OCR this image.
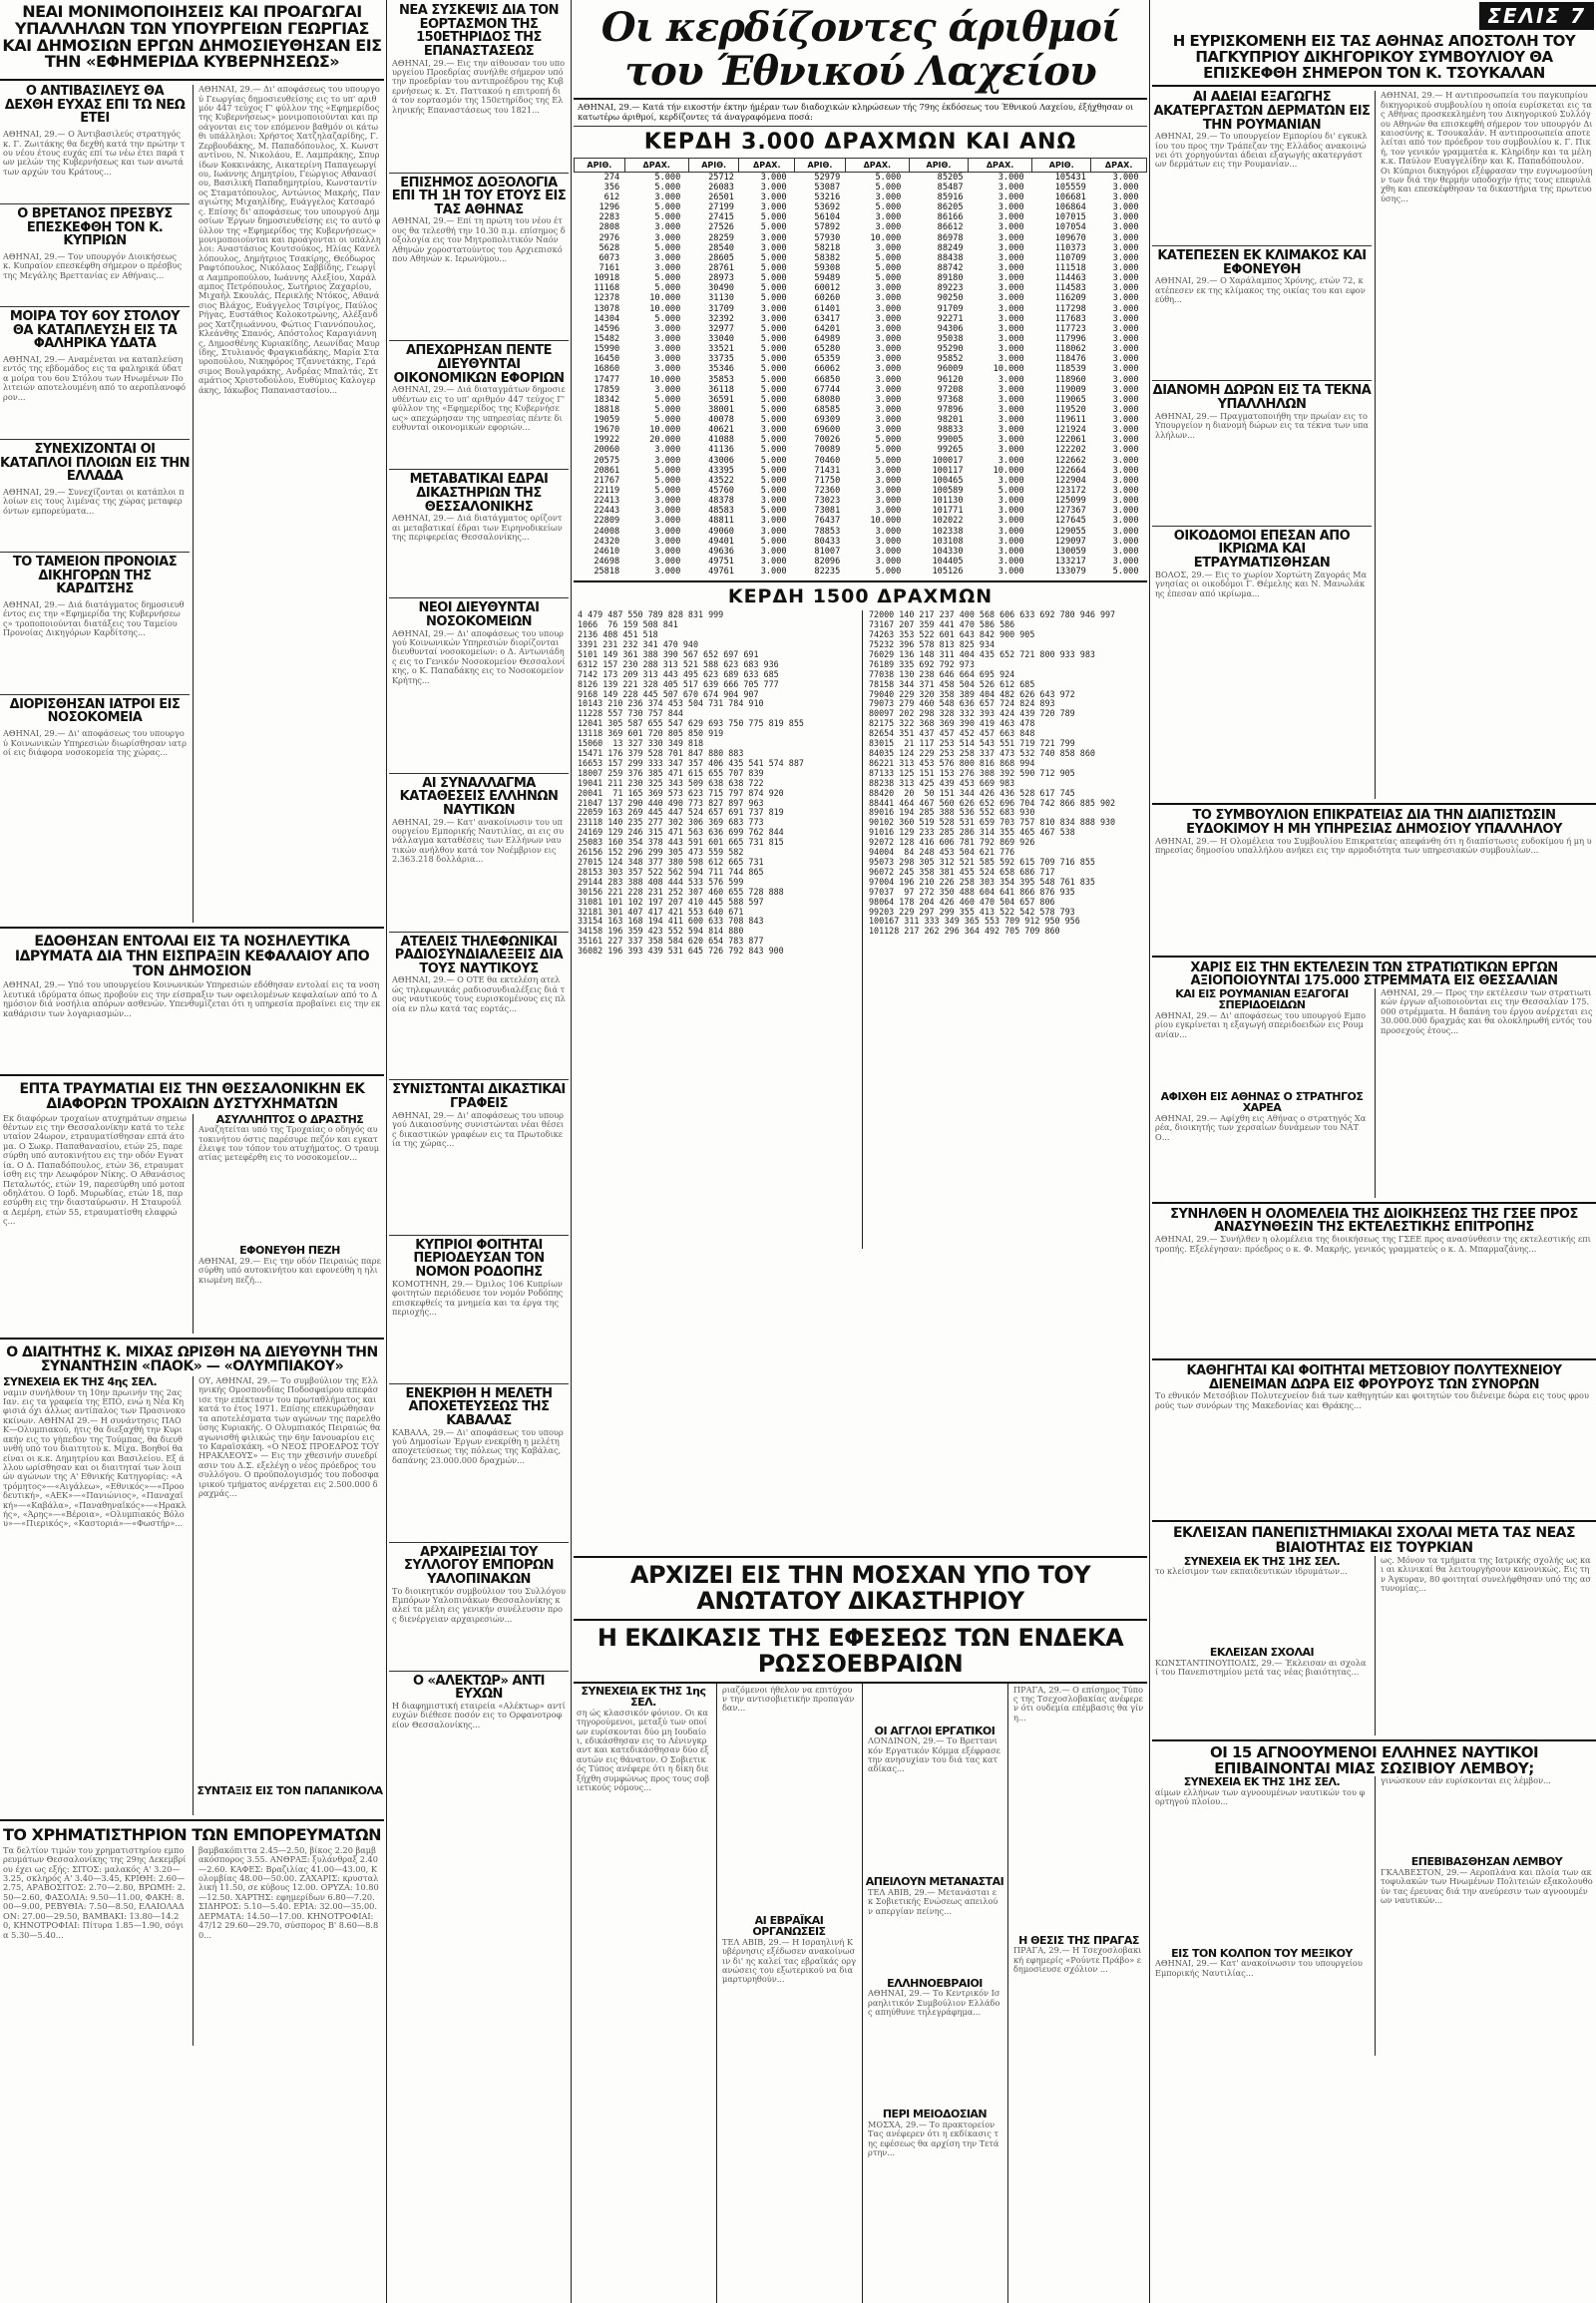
ΝΕΑΙ ΜΟΝΙΜΟΠΟΙΗΣΕΙΣ ΚΑΙ ΠΡΟΑΓΩΓΑΙ ΥΠΑΛΛΗΛΩΝ ΤΩΝ ΥΠΟΥΡΓΕΙΩΝ ΓΕΩΡΓΙΑΣ ΚΑΙ ΔΗΜΟΣΙΩΝ ΕΡΓΩΝ ΔΗΜΟΣΙΕΥΘΗΣΑΝ ΕΙΣ ΤΗΝ «ΕΦΗΜΕΡΙΔΑ ΚΥΒΕΡΝΗΣΕΩΣ»
Ο ΑΝΤΙΒΑΣΙΛΕΥΣ ΘΑ ΔΕΧΘΗ ΕΥΧΑΣ ΕΠΙ ΤΩ ΝΕΩ ΕΤΕΙ
ΑΘΗΝΑΙ, 29.— Ο Άντιβασιλεύς στρατηγός κ. Γ. Ζωιτάκης θα δεχθή κατά την πρώτην του νέου έτους ευχάς επί τω νέω έτει παρά των μελών της Κυβερνήσεως και των ανωτάτων αρχών του Κράτους...
Ο ΒΡΕΤΑΝΟΣ ΠΡΕΣΒΥΣ ΕΠΕΣΚΕΦΘΗ ΤΟΝ Κ. ΚΥΠΡΙΩΝ
ΑΘΗΝΑΙ, 29.— Τον υπουργόν Διοικήσεως κ. Κυπραίον επεσκέφθη σήμερον ο πρέσβυς της Μεγάλης Βρεττανίας εν Αθήναις...
ΜΟΙΡΑ ΤΟΥ 6ΟΥ ΣΤΟΛΟΥ ΘΑ ΚΑΤΑΠΛΕΥΣΗ ΕΙΣ ΤΑ ΦΑΛΗΡΙΚΑ ΥΔΑΤΑ
ΑΘΗΝΑΙ, 29.— Αναμένεται να καταπλεύση εντός της εβδομάδος εις τα φαληρικά ύδατα μοίρα του 6ου Στόλου των Ηνωμένων Πολιτειών αποτελουμένη από το αεροπλανοφόρον...
ΣΥΝΕΧΙΖΟΝΤΑΙ ΟΙ ΚΑΤΑΠΛΟΙ ΠΛΟΙΩΝ ΕΙΣ ΤΗΝ ΕΛΛΑΔΑ
ΑΘΗΝΑΙ, 29.— Συνεχίζονται οι κατάπλοι πλοίων εις τους λιμένας της χώρας μεταφερόντων εμπορεύματα...
ΤΟ ΤΑΜΕΙΟΝ ΠΡΟΝΟΙΑΣ ΔΙΚΗΓΟΡΩΝ ΤΗΣ ΚΑΡΔΙΤΣΗΣ
ΑΘΗΝΑΙ, 29.— Διά διατάγματος δημοσιευθέντος εις την «Εφημερίδα της Κυβερνήσεως» τροποποιούνται διατάξεις του Ταμείου Προνοίας Δικηγόρων Καρδίτσης...
ΔΙΟΡΙΣΘΗΣΑΝ ΙΑΤΡΟΙ ΕΙΣ ΝΟΣΟΚΟΜΕΙΑ
ΑΘΗΝΑΙ, 29.— Δι' αποφάσεως του υπουργού Κοινωνικών Υπηρεσιών διωρίσθησαν ιατροί εις διάφορα νοσοκομεία της χώρας...
ΑΘΗΝΑΙ, 29.— Δι' αποφάσεως του υπουργού Γεωργίας δημοσιευθείσης εις το υπ' αριθμόν 447 τεύχος Γ' φύλλον της «Εφημερίδος της Κυβερνήσεως» μονιμοποιούνται και προάγονται εις τον επόμενον βαθμόν οι κάτωθι υπάλληλοι: Χρήστος Χατζηλαζαρίδης, Γ. Ζερβουδάκης, Μ. Παπαδόπουλος, Χ. Κωνσταντίνου, Ν. Νικολάου, Ε. Λαμπράκης, Σπυρίδων Κοκκινάκης, Αικατερίνη Παπαγεωργίου, Ιωάννης Δημητρίου, Γεώργιος Αθανασίου, Βασιλική Παπαδημητρίου, Κωνσταντίνος Σταματόπουλος, Αντώνιος Μακρής, Παναγιώτης Μιχαηλίδης, Ευάγγελος Κατσαρός. Επίσης δι' αποφάσεως του υπουργού Δημοσίων Έργων δημοσιευθείσης εις το αυτό φύλλον της «Εφημερίδος της Κυβερνήσεως» μονιμοποιούνται και προάγονται οι υπάλληλοι: Αναστάσιος Κουτσούκος, Ηλίας Κανελλόπουλος, Δημήτριος Τσακίρης, Θεόδωρος Ραφτόπουλος, Νικόλαος Σαββίδης, Γεωργία Λαμπροπούλου, Ιωάννης Αλεξίου, Χαράλαμπος Πετρόπουλος, Σωτήριος Ζαχαρίου, Μιχαήλ Σκουλάς, Περικλής Ντόκος, Αθανάσιος Βλάχος, Ευάγγελος Τσιρίγος, Παύλος Ρήγας, Ευστάθιος Κολοκοτρώνης, Αλέξανδρος Χατζηιωάννου, Φώτιος Γιαννόπουλος, Κλεάνθης Σπανός, Απόστολος Καραγιάννης, Δημοσθένης Κυριακίδης, Λεωνίδας Μαυρίδης, Στυλιανός Φραγκιαδάκης, Μαρία Σταυροπούλου, Νικηφόρος Τζαννετάκης, Γεράσιμος Βουλγαράκης, Ανδρέας Μπαλτάς, Σταμάτιος Χριστοδούλου, Ευθύμιος Καλογεράκης, Ιάκωβος Παπαναστασίου...
ΕΔΟΘΗΣΑΝ ΕΝΤΟΛΑΙ ΕΙΣ ΤΑ ΝΟΣΗΛΕΥΤΙΚΑ ΙΔΡΥΜΑΤΑ ΔΙΑ ΤΗΝ ΕΙΣΠΡΑΞΙΝ ΚΕΦΑΛΑΙΟΥ ΑΠΟ ΤΟΝ ΔΗΜΟΣΙΟΝ
ΑΘΗΝΑΙ, 29.— Υπό του υπουργείου Κοινωνικών Υπηρεσιών εδόθησαν εντολαί εις τα νοσηλευτικά ιδρύματα όπως προβούν εις την είσπραξιν των οφειλομένων κεφαλαίων από το Δημόσιον διά νοσήλια απόρων ασθενών. Υπενθυμίζεται ότι η υπηρεσία προβαίνει εις την εκκαθάρισιν των λογαριασμών...
ΕΠΤΑ ΤΡΑΥΜΑΤΙΑΙ ΕΙΣ ΤΗΝ ΘΕΣΣΑΛΟΝΙΚΗΝ ΕΚ ΔΙΑΦΟΡΩΝ ΤΡΟΧΑΙΩΝ ΔΥΣΤΥΧΗΜΑΤΩΝ
Εκ διαφόρων τροχαίων ατυχημάτων σημειωθέντων εις την Θεσσαλονίκην κατά το τελευταίον 24ωρον, ετραυματίσθησαν επτά άτομα. Ο Σωκρ. Παπαθανασίου, ετών 25, παρεσύρθη υπό αυτοκινήτου εις την οδόν Εγνατία. Ο Δ. Παπαδόπουλος, ετών 36, ετραυματίσθη εις την Λεωφόρον Νίκης. Ο Αθανάσιος Πεταλωτός, ετών 19, παρεσύρθη υπό μοτοποδηλάτου. Ο Ιορδ. Μυρωδίας, ετών 18, παρεσύρθη εις την διασταύρωσιν. Η Σταυρούλα Δεμέρη, ετών 55, ετραυματίσθη ελαφρώς...
ΑΣΥΛΛΗΠΤΟΣ Ο ΔΡΑΣΤΗΣ
Αναζητείται υπό της Τροχαίας ο οδηγός αυτοκινήτου όστις παρέσυρε πεζόν και εγκατέλειψε τον τόπον του ατυχήματος. Ο τραυματίας μετεφέρθη εις το νοσοκομείον...
ΕΦΟΝΕΥΘΗ ΠΕΖΗ
ΑΘΗΝΑΙ, 29.— Εις την οδόν Πειραιώς παρεσύρθη υπό αυτοκινήτου και εφονεύθη η ηλικιωμένη πεζή...
Ο ΔΙΑΙΤΗΤΗΣ Κ. ΜΙΧΑΣ ΩΡΙΣΘΗ ΝΑ ΔΙΕΥΘΥΝΗ ΤΗΝ ΣΥΝΑΝΤΗΣΙΝ «ΠΑΟΚ» — «ΟΛΥΜΠΙΑΚΟΥ»
ΣΥΝΕΧΕΙΑ ΕΚ ΤΗΣ 4ης ΣΕΛ.
ναμιν συνήλθουν τη 10ην πρωινήν της 2ας Ιαν. εις τα γραφεία της ΕΠΟ, ενώ η Νέα Κηφισιά όχι άλλως αντίπαλος των Πρασινοκοκκίνων. ΑΘΗΝΑΙ 29.— Η συνάντησις ΠΑΟΚ—Ολυμπιακού, ήτις θα διεξαχθή την Κυριακήν εις το γήπεδον της Τούμπας, θα διευθυνθή υπό του διαιτητού κ. Μίχα. Βοηθοί θα είναι οι κ.κ. Δημητρίου και Βασιλείου. Εξ άλλου ωρίσθησαν και οι διαιτηταί των λοιπών αγώνων της Α' Εθνικής Κατηγορίας: «Ατρόμητος»—«Αιγάλεω», «Εθνικός»—«Προοδευτική», «ΑΕΚ»—«Πανιώνιος», «Παναχαϊκή»—«Καβάλα», «Παναθηναϊκός»—«Ηρακλής», «Άρης»—«Βέροια», «Ολυμπιακός Βόλου»—«Πιερικός», «Καστοριά»—«Φωστήρ»...
ΟΥ, ΑΘΗΝΑΙ, 29.— Το συμβούλιον της Ελληνικής Ομοσπονδίας Ποδοσφαίρου απεφάσισε την επέκτασιν του πρωταθλήματος και κατά το έτος 1971. Επίσης επεκυρώθησαν τα αποτελέσματα των αγώνων της παρελθούσης Κυριακής. Ο Ολυμπιακός Πειραιώς θα αγωνισθή φιλικώς την 6ην Ιανουαρίου εις το Καραϊσκάκη. «Ο ΝΕΟΣ ΠΡΟΕΔΡΟΣ ΤΟΥ ΗΡΑΚΛΕΟΥΣ» — Εις την χθεσινήν συνεδρίασιν του Δ.Σ. εξελέγη ο νέος πρόεδρος του συλλόγου. Ο προϋπολογισμός του ποδοσφαιρικού τμήματος ανέρχεται εις 2.500.000 δραχμάς...
ΣΥΝΤΑΞΙΣ ΕΙΣ ΤΟΝ ΠΑΠΑΝΙΚΟΛΑ
ΤΟ ΧΡΗΜΑΤΙΣΤΗΡΙΟΝ ΤΩΝ ΕΜΠΟΡΕΥΜΑΤΩΝ
Τα δελτίον τιμών του χρηματιστηρίου εμπορευμάτων Θεσσαλονίκης της 29ης Δεκεμβρίου έχει ως εξής: ΣΙΤΟΣ: μαλακός Α' 3.20—3.25, σκληρός Α' 3.40—3.45, ΚΡΙΘΗ: 2.60—2.75, ΑΡΑΒΟΣΙΤΟΣ: 2.70—2.80, ΒΡΩΜΗ: 2.50—2.60, ΦΑΣΟΛΙΑ: 9.50—11.00, ΦΑΚΗ: 8.00—9.00, ΡΕΒΥΘΙΑ: 7.50—8.50, ΕΛΑΙΟΛΑΔΟΝ: 27.00—29.50, ΒΑΜΒΑΚΙ: 13.80—14.20, ΚΗΝΟΤΡΟΦΙΑΙ: Πίτυρα 1.85—1.90, σόγια 5.30—5.40...
βαμβακόπιττα 2.45—2.50, βίκος 2.20 βαμβακόσπορος 3.55. ΑΝΘΡΑΞ: ξυλάνθραξ 2.40—2.60. ΚΑΦΕΣ: Βραζιλίας 41.00—43.00, Κολομβίας 48.00—50.00. ΖΑΧΑΡΙΣ: κρυσταλλική 11.50, σε κύβους 12.00. ΟΡΥΖΑ: 10.80—12.50. ΧΑΡΤΗΣ: εφημερίδων 6.80—7.20. ΣΙΔΗΡΟΣ: 5.10—5.40. ΕΡΙΑ: 32.00—35.00. ΔΕΡΜΑΤΑ: 14.50—17.00. ΚΗΝΟΤΡΟΦΙΑΙ: 47/12 29.60—29.70, σύσπορος Β' 8.60—8.80...
ΝΕΑ ΣΥΣΚΕΨΙΣ ΔΙΑ ΤΟΝ ΕΟΡΤΑΣΜΟΝ ΤΗΣ 150ΕΤΗΡΙΔΟΣ ΤΗΣ ΕΠΑΝΑΣΤΑΣΕΩΣ
ΑΘΗΝΑΙ, 29.— Εις την αίθουσαν του υπουργείου Προεδρίας συνήλθε σήμερον υπό την προεδρίαν του αντιπροέδρου της Κυβερνήσεως κ. Στ. Παττακού η επιτροπή διά τον εορτασμόν της 150ετηρίδος της Ελληνικής Επαναστάσεως του 1821...
ΕΠΙΣΗΜΟΣ ΔΟΞΟΛΟΓΙΑ ΕΠΙ ΤΗ 1Η ΤΟΥ ΕΤΟΥΣ ΕΙΣ ΤΑΣ ΑΘΗΝΑΣ
ΑΘΗΝΑΙ, 29.— Επί τη πρώτη του νέου έτους θα τελεσθή την 10.30 π.μ. επίσημος δοξολογία εις τον Μητροπολιτικόν Ναόν Αθηνών χοροστατούντος του Αρχιεπισκόπου Αθηνών κ. Ιερωνύμου...
ΑΠΕΧΩΡΗΣΑΝ ΠΕΝΤΕ ΔΙΕΥΘΥΝΤΑΙ ΟΙΚΟΝΟΜΙΚΩΝ ΕΦΟΡΙΩΝ
ΑΘΗΝΑΙ, 29.— Διά διαταγμάτων δημοσιευθέντων εις το υπ' αριθμόν 447 τεύχος Γ' φύλλον της «Εφημερίδος της Κυβερνήσεως» απεχώρησαν της υπηρεσίας πέντε διευθυνταί οικονομικών εφοριών...
ΜΕΤΑΒΑΤΙΚΑΙ ΕΔΡΑΙ ΔΙΚΑΣΤΗΡΙΩΝ ΤΗΣ ΘΕΣΣΑΛΟΝΙΚΗΣ
ΑΘΗΝΑΙ, 29.— Διά διατάγματος ορίζονται μεταβατικαί έδραι των Ειρηνοδικείων της περιφερείας Θεσσαλονίκης...
ΝΕΟΙ ΔΙΕΥΘΥΝΤΑΙ ΝΟΣΟΚΟΜΕΙΩΝ
ΑΘΗΝΑΙ, 29.— Δι' αποφάσεως του υπουργού Κοινωνικών Υπηρεσιών διορίζονται διευθυνταί νοσοκομείων: ο Δ. Αντωνιάδης εις το Γενικόν Νοσοκομείον Θεσσαλονίκης, ο Κ. Παπαδάκης εις το Νοσοκομείον Κρήτης...
ΑΙ ΣΥΝΑΛΛΑΓΜΑ ΚΑΤΑΘΕΣΕΙΣ ΕΛΛΗΝΩΝ ΝΑΥΤΙΚΩΝ
ΑΘΗΝΑΙ, 29.— Κατ' ανακοίνωσιν του υπουργείου Εμπορικής Ναυτιλίας, αι εις συνάλλαγμα καταθέσεις των Ελλήνων ναυτικών ανήλθον κατά τον Νοέμβριον εις 2.363.218 δολλάρια...
ΑΤΕΛΕΙΣ ΤΗΛΕΦΩΝΙΚΑΙ ΡΑΔΙΟΣΥΝΔΙΑΛΕΞΕΙΣ ΔΙΑ ΤΟΥΣ ΝΑΥΤΙΚΟΥΣ
ΑΘΗΝΑΙ, 29.— Ο ΟΤΕ θα εκτελέση ατελώς τηλεφωνικάς ραδιοσυνδιαλέξεις διά τους ναυτικούς τους ευρισκομένους εις πλοία εν πλω κατά τας εορτάς...
ΣΥΝΙΣΤΩΝΤΑΙ ΔΙΚΑΣΤΙΚΑΙ ΓΡΑΦΕΙΣ
ΑΘΗΝΑΙ, 29.— Δι' αποφάσεως του υπουργού Δικαιοσύνης συνιστώνται νέαι θέσεις δικαστικών γραφέων εις τα Πρωτοδικεία της χώρας...
ΚΥΠΡΙΟΙ ΦΟΙΤΗΤΑΙ ΠΕΡΙΟΔΕΥΣΑΝ ΤΟΝ ΝΟΜΟΝ ΡΟΔΟΠΗΣ
ΚΟΜΟΤΗΝΗ, 29.— Όμιλος 106 Κυπρίων φοιτητών περιόδευσε τον νομόν Ροδόπης επισκεφθείς τα μνημεία και τα έργα της περιοχής...
ΕΝΕΚΡΙΘΗ Η ΜΕΛΕΤΗ ΑΠΟΧΕΤΕΥΣΕΩΣ ΤΗΣ ΚΑΒΑΛΑΣ
ΚΑΒΑΛΑ, 29.— Δι' αποφάσεως του υπουργού Δημοσίων Έργων ενεκρίθη η μελέτη αποχετεύσεως της πόλεως της Καβάλας, δαπάνης 23.000.000 δραχμών...
ΑΡΧΑΙΡΕΣΙΑΙ ΤΟΥ ΣΥΛΛΟΓΟΥ ΕΜΠΟΡΩΝ ΥΑΛΟΠΙΝΑΚΩΝ
Το διοικητικόν συμβούλιον του Συλλόγου Εμπόρων Υαλοπινάκων Θεσσαλονίκης καλεί τα μέλη εις γενικήν συνέλευσιν προς διενέργειαν αρχαιρεσιών...
Ο «ΑΛΕΚΤΩΡ» ΑΝΤΙ ΕΥΧΩΝ
Η διαφημιστική εταιρεία «Αλέκτωρ» αντί ευχών διέθεσε ποσόν εις το Ορφανοτροφείον Θεσσαλονίκης...
Οι κερδίζοντες άριθμοί του Έθνικού Λαχείου
ΑΘΗΝΑΙ, 29.— Κατά τήν εικοστήν έκτην ήμέραν των διαδοχικών κληρώσεων τής 79ης έκδόσεως του Έθνικού Λαχείου, έξήχθησαν οι κατωτέρω άριθμοί, κερδίζοντες τά άναγραφόμενα ποσά:
ΚΕΡΔΗ 3.000 ΔΡΑΧΜΩΝ ΚΑΙ ΑΝΩ
ΑΡΙΘ.	ΔΡΑΧ.	ΑΡΙΘ.	ΔΡΑΧ.	ΑΡΙΘ.	ΔΡΑΧ.	ΑΡΙΘ.	ΔΡΑΧ.	ΑΡΙΘ.	ΔΡΑΧ.
274	5.000	25712	3.000	52979	5.000	85205	3.000	105431	3.000
356	5.000	26083	3.000	53087	5.000	85487	3.000	105559	3.000
612	3.000	26501	3.000	53216	3.000	85916	3.000	106681	3.000
1296	5.000	27199	3.000	53692	5.000	86205	3.000	106864	3.000
2283	5.000	27415	5.000	56104	3.000	86166	3.000	107015	3.000
2808	3.000	27526	5.000	57892	3.000	86612	3.000	107054	3.000
2976	3.000	28259	3.000	57930	10.000	86978	3.000	109670	3.000
5628	5.000	28540	3.000	58218	3.000	88249	3.000	110373	3.000
6073	3.000	28605	5.000	58382	5.000	88438	3.000	110709	3.000
7161	3.000	28761	5.000	59308	5.000	88742	3.000	111518	3.000
10918	5.000	28973	5.000	59489	5.000	89180	3.000	114463	3.000
11168	5.000	30490	5.000	60012	3.000	89223	3.000	114583	3.000
12378	10.000	31130	5.000	60260	3.000	90250	3.000	116209	3.000
13078	10.000	31709	3.000	61401	3.000	91709	3.000	117298	3.000
14304	5.000	32392	3.000	63417	3.000	92271	3.000	117683	3.000
14596	3.000	32977	5.000	64201	3.000	94306	3.000	117723	3.000
15482	3.000	33040	5.000	64989	3.000	95038	3.000	117996	3.000
15990	3.000	33521	5.000	65280	3.000	95290	3.000	118062	3.000
16450	3.000	33735	5.000	65359	3.000	95852	3.000	118476	3.000
16860	3.000	35346	5.000	66062	3.000	96009	10.000	118539	3.000
17477	10.000	35853	5.000	66850	3.000	96120	3.000	118960	3.000
17859	3.000	36118	5.000	67744	3.000	97208	3.000	119009	3.000
18342	5.000	36591	5.000	68080	3.000	97368	3.000	119065	3.000
18818	5.000	38001	5.000	68585	3.000	97896	3.000	119520	3.000
19059	5.000	40078	5.000	69309	3.000	98201	3.000	119611	3.000
19670	10.000	40621	3.000	69600	3.000	98833	3.000	121924	3.000
19922	20.000	41088	5.000	70026	5.000	99005	3.000	122061	3.000
20060	3.000	41136	5.000	70089	5.000	99265	3.000	122202	3.000
20575	3.000	43006	5.000	70460	5.000	100017	3.000	122662	3.000
20861	5.000	43395	5.000	71431	3.000	100117	10.000	122664	3.000
21767	5.000	43522	5.000	71750	3.000	100465	3.000	122904	3.000
22119	5.000	45760	5.000	72360	3.000	100589	5.000	123172	3.000
22413	3.000	48378	3.000	73023	3.000	101130	3.000	125099	3.000
22443	3.000	48583	5.000	73081	3.000	101771	3.000	127367	3.000
22809	3.000	48811	3.000	76437	10.000	102022	3.000	127645	3.000
24008	3.000	49060	3.000	78853	3.000	102338	3.000	129055	3.000
24320	3.000	49401	5.000	80433	3.000	103108	3.000	129097	3.000
24610	3.000	49636	3.000	81007	3.000	104330	3.000	130059	3.000
24698	3.000	49751	3.000	82096	3.000	104405	3.000	133217	3.000
25818	3.000	49761	3.000	82235	5.000	105126	3.000	133079	5.000
ΚΕΡΔΗ 1500 ΔΡΑΧΜΩΝ
4 479 487 550 789 828 831 999
1066  76 159 508 841
2136 408 451 518
3391 231 232 341 470 940
5101 149 361 388 390 567 652 697 691
6312 157 230 288 313 521 588 623 683 936
7142 173 209 313 443 495 623 689 633 685
8126 139 221 328 405 517 639 666 705 777
9168 149 228 445 507 670 674 904 907
10143 210 236 374 453 504 731 784 910
11228 557 730 757 844
12041 305 587 655 547 629 693 750 775 819 855
13118 369 601 720 805 850 919
15060  13 327 330 349 818
15471 176 379 528 701 847 880 883
16653 157 299 333 347 357 406 435 541 574 887
18007 259 376 385 471 615 655 707 839
19041 211 230 325 343 509 638 638 722
20041  71 165 369 573 623 715 797 874 920
21047 137 290 440 490 773 827 897 963
22059 163 269 445 447 524 657 691 737 819
23118 140 235 277 302 306 369 683 773
24169 129 246 315 471 563 636 699 762 844
25083 160 354 378 443 591 601 665 731 815
26156 152 296 299 305 473 559 582
27015 124 348 377 380 598 612 665 731
28153 303 357 522 562 594 711 744 865
29144 283 388 408 444 533 576 599
30156 221 228 231 252 307 460 655 728 888
31081 101 102 197 207 410 445 588 597
32181 301 407 417 421 553 640 671
33154 163 168 194 411 600 633 708 843
34158 196 359 423 552 594 814 880
35161 227 337 358 584 620 654 783 877
36082 196 393 439 531 645 726 792 843 900
72000 140 217 237 400 568 606 633 692 780 946 997
73167 207 359 441 470 586 586
74263 353 522 601 643 842 900 905
75232 396 578 813 825 934
76029 136 148 311 404 435 652 721 800 933 983
76189 335 692 792 973
77038 130 238 646 664 695 924
78158 344 371 458 504 526 612 685
79040 229 320 358 389 404 482 626 643 972
79073 279 460 548 636 657 724 824 893
80097 202 298 328 332 393 424 439 720 789
82175 322 368 369 390 419 463 478
82654 351 437 457 452 457 663 848
83015  21 117 253 514 543 551 719 721 799
84035 124 229 253 258 337 473 532 740 858 860
86221 313 453 576 800 816 868 994
87133 125 151 153 276 308 392 590 712 905
88238 313 425 439 453 669 983
88420  20  50 151 344 426 436 528 617 745
88441 464 467 560 626 652 696 704 742 866 885 902
89016 194 285 388 536 552 683 930
90102 360 519 528 531 659 703 757 810 834 888 930
91016 129 233 285 286 314 355 465 467 538
92072 128 416 606 781 792 869 926
94004  84 248 453 504 621 776
95073 298 305 312 521 585 592 615 709 716 855
96072 245 358 381 455 524 658 686 717
97004 196 210 226 258 303 354 395 548 761 835
97037  97 272 350 488 604 641 866 876 935
98064 178 204 426 460 470 504 657 806
99203 229 297 299 355 413 522 542 578 793
100167 311 333 349 365 553 709 912 950 956
101128 217 262 296 364 492 705 709 860
ΑΡΧΙΖΕΙ ΕΙΣ ΤΗΝ ΜΟΣΧΑΝ ΥΠΟ ΤΟΥ ΑΝΩΤΑΤΟΥ ΔΙΚΑΣΤΗΡΙΟΥ
Η ΕΚΔΙΚΑΣΙΣ ΤΗΣ ΕΦΕΣΕΩΣ ΤΩΝ ΕΝΔΕΚΑ ΡΩΣΣΟΕΒΡΑΙΩΝ
ΣΥΝΕΧΕΙΑ ΕΚ ΤΗΣ 1ης ΣΕΛ.
ση ώς κλασσικόν φόνιον. Οι κατηγορούμενοι, μεταξύ των οποίων ευρίσκονται δύο μη Ιουδαίοι, εδικάσθησαν εις το Λένινγκραντ και κατεδικάσθησαν δύο εξ αυτών εις θάνατον. Ο Σοβιετικός Τύπος ανέφερε ότι η δίκη διεξήχθη συμφώνως προς τους σοβιετικούς νόμους...
ριαζόμενοι ήθελον να επιτύχουν την αντισοβιετικήν προπαγάνδαν...
ΑΙ ΕΒΡΑΪΚΑΙ ΟΡΓΑΝΩΣΕΙΣ
ΤΕΛ ΑΒΙΒ, 29.— Η Ισραηλινή Κυβέρνησις εξέδωσεν ανακοίνωσιν δι' ης καλεί τας εβραϊκάς οργανώσεις του εξωτερικού να διαμαρτυρηθούν...
ΟΙ ΑΓΓΛΟΙ ΕΡΓΑΤΙΚΟΙ
ΛΟΝΔΙΝΟΝ, 29.— Το Βρεττανικόν Εργατικόν Κόμμα εξέφρασε την ανησυχίαν του διά τας καταδίκας...
ΑΠΕΙΛΟΥΝ ΜΕΤΑΝΑΣΤΑΙ
ΤΕΛ ΑΒΙΒ, 29.— Μετανάσται εκ Σοβιετικής Ενώσεως απειλούν απεργίαν πείνης...
ΕΛΛΗΝΟΕΒΡΑΙΟΙ
ΑΘΗΝΑΙ, 29.— Το Κεντρικόν Ισραηλιτικόν Συμβούλιον Ελλάδος απηύθυνε τηλεγράφημα...
ΠΕΡΙ ΜΕΙΟΔΟΣΙΑΝ
ΜΟΣΧΑ, 29.— Το πρακτορείον Τας ανέφερεν ότι η εκδίκασις της εφέσεως θα αρχίση την Τετάρτην...
ΠΡΑΓΑ, 29.— Ο επίσημος Τύπος της Τσεχοσλοβακίας ανέφερεν ότι ουδεμία επέμβασις θα γίνη...
Η ΘΕΣΙΣ ΤΗΣ ΠΡΑΓΑΣ
ΠΡΑΓΑ, 29.— Η Τσεχοσλοβακική εφημερίς «Ρούντε Πράβο» εδημοσίευσε σχόλιον ...
ΣΕΛΙΣ 7
Η ΕΥΡΙΣΚΟΜΕΝΗ ΕΙΣ ΤΑΣ ΑΘΗΝΑΣ ΑΠΟΣΤΟΛΗ ΤΟΥ ΠΑΓΚΥΠΡΙΟΥ ΔΙΚΗΓΟΡΙΚΟΥ ΣΥΜΒΟΥΛΙΟΥ ΘΑ ΕΠΙΣΚΕΦΘΗ ΣΗΜΕΡΟΝ ΤΟΝ Κ. ΤΣΟΥΚΑΛΑΝ
ΑΙ ΑΔΕΙΑΙ ΕΞΑΓΩΓΗΣ ΑΚΑΤΕΡΓΑΣΤΩΝ ΔΕΡΜΑΤΩΝ ΕΙΣ ΤΗΝ ΡΟΥΜΑΝΙΑΝ
ΑΘΗΝΑΙ, 29.— Το υπουργείον Εμπορίου δι' εγκυκλίου του προς την Τράπεζαν της Ελλάδος ανακοινώνει ότι χορηγούνται άδειαι εξαγωγής ακατεργάστων δερμάτων εις την Ρουμανίαν...
ΚΑΤΕΠΕΣΕΝ ΕΚ ΚΛΙΜΑΚΟΣ ΚΑΙ ΕΦΟΝΕΥΘΗ
ΑΘΗΝΑΙ, 29.— Ο Χαράλαμπος Χρόνης, ετών 72, κατέπεσεν εκ της κλίμακος της οικίας του και εφονεύθη...
ΔΙΑΝΟΜΗ ΔΩΡΩΝ ΕΙΣ ΤΑ ΤΕΚΝΑ ΥΠΑΛΛΗΛΩΝ
ΑΘΗΝΑΙ, 29.— Πραγματοποιήθη την πρωίαν εις το Υπουργείον η διανομή δώρων εις τα τέκνα των υπαλλήλων...
ΟΙΚΟΔΟΜΟΙ ΕΠΕΣΑΝ ΑΠΟ ΙΚΡΙΩΜΑ ΚΑΙ ΕΤΡΑΥΜΑΤΙΣΘΗΣΑΝ
ΒΟΛΟΣ, 29.— Εις το χωρίον Χορτώτη Ζαγοράς Μαγνησίας οι οικοδόμοι Γ. Θέμελης και Ν. Μανωλάκης έπεσαν από ικρίωμα...
ΑΘΗΝΑΙ, 29.— Η αντιπροσωπεία του παγκυπρίου δικηγορικού συμβουλίου η οποία ευρίσκεται εις τας Αθήνας προσκεκλημένη του Δικηγορικού Συλλόγου Αθηνών θα επισκεφθή σήμερον τον υπουργόν Δικαιοσύνης κ. Τσουκαλάν. Η αντιπροσωπεία αποτελείται από τον πρόεδρον του συμβουλίου κ. Γ. Πική, τον γενικόν γραμματέα κ. Κληρίδην και τα μέλη κ.κ. Παύλον Ευαγγελίδην και Κ. Παπαδόπουλον. Οι Κύπριοι δικηγόροι εξέφρασαν την ευγνωμοσύνην των διά την θερμήν υποδοχήν ήτις τους επεφυλάχθη και επεσκέφθησαν τα δικαστήρια της πρωτευούσης...
ΤΟ ΣΥΜΒΟΥΛΙΟΝ ΕΠΙΚΡΑΤΕΙΑΣ ΔΙΑ ΤΗΝ ΔΙΑΠΙΣΤΩΣΙΝ ΕΥΔΟΚΙΜΟΥ Η ΜΗ ΥΠΗΡΕΣΙΑΣ ΔΗΜΟΣΙΟΥ ΥΠΑΛΛΗΛΟΥ
ΑΘΗΝΑΙ, 29.— Η Ολομέλεια του Συμβουλίου Επικρατείας απεφάνθη ότι η διαπίστωσις ευδοκίμου ή μη υπηρεσίας δημοσίου υπαλλήλου ανήκει εις την αρμοδιότητα των υπηρεσιακών συμβουλίων...
ΧΑΡΙΣ ΕΙΣ ΤΗΝ ΕΚΤΕΛΕΣΙΝ ΤΩΝ ΣΤΡΑΤΙΩΤΙΚΩΝ ΕΡΓΩΝ ΑΞΙΟΠΟΙΟΥΝΤΑΙ 175.000 ΣΤΡΕΜΜΑΤΑ ΕΙΣ ΘΕΣΣΑΛΙΑΝ
ΚΑΙ ΕΙΣ ΡΟΥΜΑΝΙΑΝ ΕΞΑΓΟΓΑΙ ΣΠΕΡΙΔΟΕΙΔΩΝ
ΑΘΗΝΑΙ, 29.— Δι' αποφάσεως του υπουργού Εμπορίου εγκρίνεται η εξαγωγή σπεριδοειδών εις Ρουμανίαν...
ΑΦΙΧΘΗ ΕΙΣ ΑΘΗΝΑΣ Ο ΣΤΡΑΤΗΓΟΣ ΧΑΡΕΑ
ΑΘΗΝΑΙ, 29.— Αφίχθη εις Αθήνας ο στρατηγός Χαρέα, διοικητής των χερσαίων δυνάμεων του ΝΑΤΟ...
ΑΘΗΝΑΙ, 29.— Προς την εκτέλεσιν των στρατιωτικών έργων αξιοποιούνται εις την Θεσσαλίαν 175.000 στρέμματα. Η δαπάνη του έργου ανέρχεται εις 30.000.000 δραχμάς και θα ολοκληρωθή εντός του προσεχούς έτους...
ΣΥΝΗΛΘΕΝ Η ΟΛΟΜΕΛΕΙΑ ΤΗΣ ΔΙΟΙΚΗΣΕΩΣ ΤΗΣ ΓΣΕΕ ΠΡΟΣ ΑΝΑΣΥΝΘΕΣΙΝ ΤΗΣ ΕΚΤΕΛΕΣΤΙΚΗΣ ΕΠΙΤΡΟΠΗΣ
ΑΘΗΝΑΙ, 29.— Συνήλθεν η ολομέλεια της διοικήσεως της ΓΣΕΕ προς ανασύνθεσιν της εκτελεστικής επιτροπής. Εξελέγησαν: πρόεδρος ο κ. Φ. Μακρής, γενικός γραμματεύς ο κ. Δ. Μπαρμαζάνης...
ΚΑΘΗΓΗΤΑΙ ΚΑΙ ΦΟΙΤΗΤΑΙ ΜΕΤΣΟΒΙΟΥ ΠΟΛΥΤΕΧΝΕΙΟΥ ΔΙΕΝΕΙΜΑΝ ΔΩΡΑ ΕΙΣ ΦΡΟΥΡΟΥΣ ΤΩΝ ΣΥΝΟΡΩΝ
Το εθνικόν Μετσόβιον Πολυτεχνείον διά των καθηγητών και φοιτητών του διένειμε δώρα εις τους φρουρούς των συνόρων της Μακεδονίας και Θράκης...
ΕΚΛΕΙΣΑΝ ΠΑΝΕΠΙΣΤΗΜΙΑΚΑΙ ΣΧΟΛΑΙ ΜΕΤΑ ΤΑΣ ΝΕΑΣ ΒΙΑΙΟΤΗΤΑΣ ΕΙΣ ΤΟΥΡΚΙΑΝ
ΣΥΝΕΧΕΙΑ ΕΚ ΤΗΣ 1ΗΣ ΣΕΛ.
το κλείσιμον των εκπαιδευτικών ιδρυμάτων...
ΕΚΛΕΙΣΑΝ ΣΧΟΛΑΙ
ΚΩΝΣΤΑΝΤΙΝΟΥΠΟΛΙΣ, 29.— Έκλεισαν αι σχολαί του Πανεπιστημίου μετά τας νέας βιαιότητας...
ως. Μόνον τα τμήματα της Ιατρικής σχολής ως και αι κλινικαί θα λειτουργήσουν κανονικώς. Εις την Άγκυραν, 80 φοιτηταί συνελήφθησαν υπό της αστυνομίας...
ΟΙ 15 ΑΓΝΟΟΥΜΕΝΟΙ ΕΛΛΗΝΕΣ ΝΑΥΤΙΚΟΙ ΕΠΙΒΑΙΝΟΝΤΑΙ ΜΙΑΣ ΣΩΣΙΒΙΟΥ ΛΕΜΒΟΥ;
ΣΥΝΕΧΕΙΑ ΕΚ ΤΗΣ 1ΗΣ ΣΕΛ.
αίμων ελλήνων των αγνοουμένων ναυτικών του φορτηγού πλοίου...
ΕΙΣ ΤΟΝ ΚΟΛΠΟΝ ΤΟΥ ΜΕΞΙΚΟΥ
ΑΘΗΝΑΙ, 29.— Κατ' ανακοίνωσιν του υπουργείου Εμπορικής Ναυτιλίας...
γινώσκουν εάν ευρίσκονται εις λέμβον...
ΕΠΕΒΙΒΑΣΘΗΣΑΝ ΛΕΜΒΟΥ
ΓΚΑΛΒΕΣΤΟΝ, 29.— Αεροπλάνα και πλοία των ακτοφυλακών των Ηνωμένων Πολιτειών εξακολουθούν τας έρευνας διά την ανεύρεσιν των αγνοουμένων ναυτικών...
